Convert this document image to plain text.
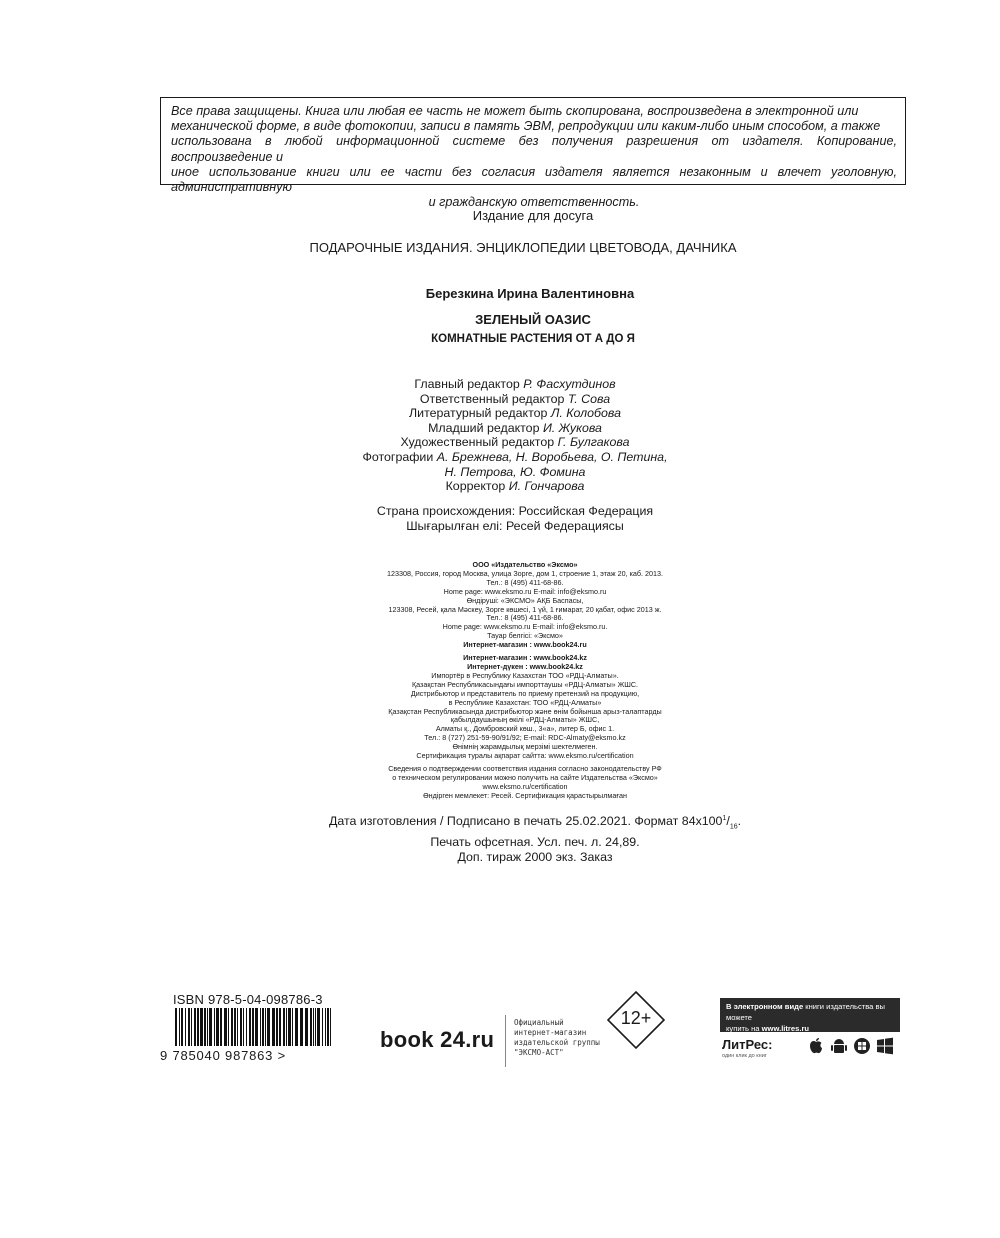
Все права защищены. Книга или любая ее часть не может быть скопирована, воспроизведена в электронной или
механической форме, в виде фотокопии, записи в память ЭВМ, репродукции или каким-либо иным способом, а также
использована в любой информационной системе без получения разрешения от издателя. Копирование, воспроизведение и
иное использование книги или ее части без согласия издателя является незаконным и влечет уголовную, административную
и гражданскую ответственность.
Издание для досуга
ПОДАРОЧНЫЕ ИЗДАНИЯ. ЭНЦИКЛОПЕДИИ ЦВЕТОВОДА, ДАЧНИКА
Березкина Ирина Валентиновна
ЗЕЛЕНЫЙ ОАЗИС
КОМНАТНЫЕ РАСТЕНИЯ ОТ А ДО Я
Главный редактор Р. Фасхутдинов
Ответственный редактор Т. Сова
Литературный редактор Л. Колобова
Младший редактор И. Жукова
Художественный редактор Г. Булгакова
Фотографии А. Брежнева, Н. Воробьева, О. Петина,
Н. Петрова, Ю. Фомина
Корректор И. Гончарова
Страна происхождения: Российская Федерация
Шығарылған елі: Ресей Федерациясы
ООО «Издательство «Эксмо»
123308, Россия, город Москва, улица Зорге, дом 1, строение 1, этаж 20, каб. 2013.
Тел.: 8 (495) 411-68-86.
Home page: www.eksmo.ru E-mail: info@eksmo.ru
Өндіруші: «ЭКСМО» АҚБ Баспасы,
123308, Ресей, қала Мәскеу, Зорге көшесі, 1 үй, 1 ғимарат, 20 қабат, офис 2013 ж.
Тел.: 8 (495) 411-68-86.
Home page: www.eksmo.ru E-mail: info@eksmo.ru.
Тауар белгісі: «Эксмо»
Интернет-магазин : www.book24.ru
Интернет-магазин : www.book24.kz
Интернет-дүкен : www.book24.kz
Импортёр в Республику Казахстан ТОО «РДЦ-Алматы».
Қазақстан Республикасындағы импорттаушы «РДЦ-Алматы» ЖШС.
Дистрибьютор и представитель по приему претензий на продукцию,
в Республике Казахстан: ТОО «РДЦ-Алматы»
Қазақстан Республикасында дистрибьютор және өнім бойынша арыз-талаптарды
қабылдаушының өкілі «РДЦ-Алматы» ЖШС,
Алматы қ., Домбровский көш., 3«а», литер Б, офис 1.
Тел.: 8 (727) 251-59-90/91/92; E-mail: RDC-Almaty@eksmo.kz
Өнімнің жарамдылық мерзімі шектелмеген.
Сертификация туралы ақпарат сайтта: www.eksmo.ru/certification
Сведения о подтверждении соответствия издания согласно законодательству РФ
о техническом регулировании можно получить на сайте Издательства «Эксмо»
www.eksmo.ru/certification
Өндірген мемлекет: Ресей. Сертификация қарастырылмаған
Дата изготовления / Подписано в печать 25.02.2021. Формат $84x100^1/_{16}$.
Печать офсетная. Усл. печ. л. 24,89.
Доп. тираж 2000 экз. Заказ
ISBN 978-5-04-098786-3
9 785040 987863 >
book 24.ru
Официальный
интернет-магазин
издательской группы
"ЭКСМО-АСТ"
12+
В электронном виде книги издательства вы можете
купить на www.litres.ru
ЛитРес:
один клик до книг
